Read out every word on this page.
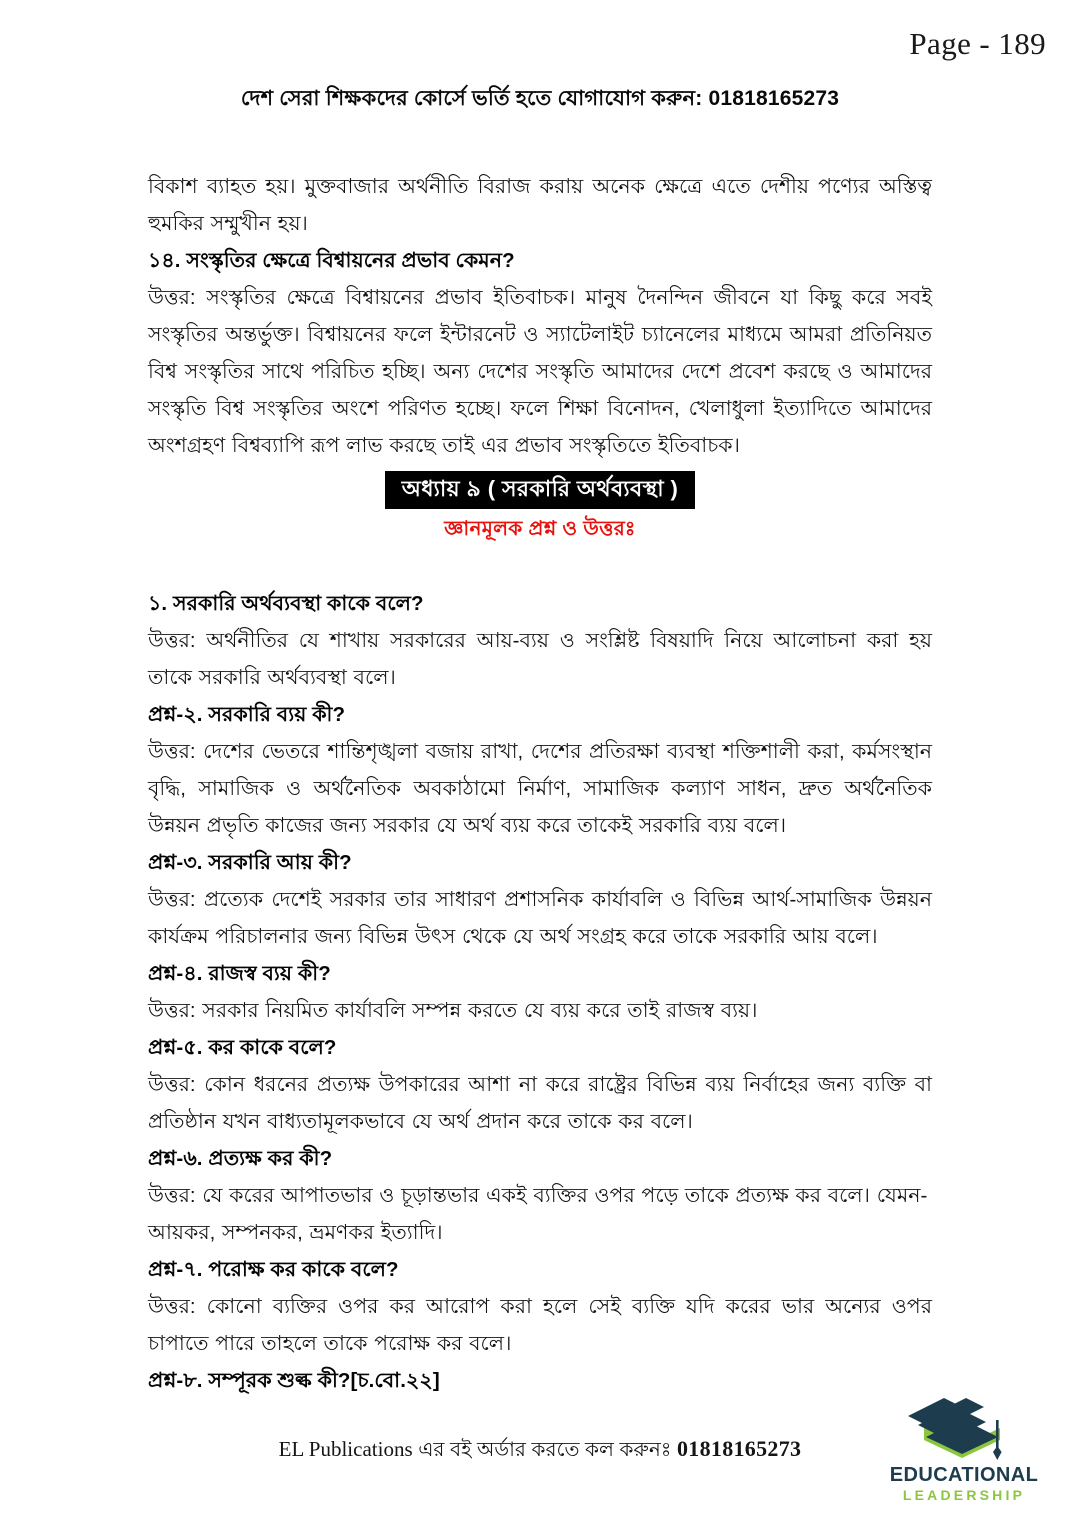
Page - 189
দেশ সেরা শিক্ষকদের কোর্সে ভর্তি হতে যোগাযোগ করুন: 01818165273

বিকাশ ব্যাহত হয়। মুক্তবাজার অর্থনীতি বিরাজ করায় অনেক ক্ষেত্রে এতে দেশীয় পণ্যের অস্তিত্ব হুমকির সম্মুখীন হয়।

১৪. সংস্কৃতির ক্ষেত্রে বিশ্বায়নের প্রভাব কেমন?

উত্তর: সংস্কৃতির ক্ষেত্রে বিশ্বায়নের প্রভাব ইতিবাচক। মানুষ দৈনন্দিন জীবনে যা কিছু করে সবই সংস্কৃতির অন্তর্ভুক্ত। বিশ্বায়নের ফলে ইন্টারনেট ও স্যাটেলাইট চ্যানেলের মাধ্যমে আমরা প্রতিনিয়ত বিশ্ব সংস্কৃতির সাথে পরিচিত হচ্ছি। অন্য দেশের সংস্কৃতি আমাদের দেশে প্রবেশ করছে ও আমাদের সংস্কৃতি বিশ্ব সংস্কৃতির অংশে পরিণত হচ্ছে। ফলে শিক্ষা বিনোদন, খেলাধুলা ইত্যাদিতে আমাদের অংশগ্রহণ বিশ্বব্যাপি রূপ লাভ করছে তাই এর প্রভাব সংস্কৃতিতে ইতিবাচক।

অধ্যায় ৯ ( সরকারি অর্থব্যবস্থা )
জ্ঞানমূলক প্রশ্ন ও উত্তরঃ

১. সরকারি অর্থব্যবস্থা কাকে বলে?

উত্তর: অর্থনীতির যে শাখায় সরকারের আয়-ব্যয় ও সংশ্লিষ্ট বিষয়াদি নিয়ে আলোচনা করা হয় তাকে সরকারি অর্থব্যবস্থা বলে।

প্রশ্ন-২. সরকারি ব্যয় কী?

উত্তর: দেশের ভেতরে শান্তিশৃঙ্খলা বজায় রাখা, দেশের প্রতিরক্ষা ব্যবস্থা শক্তিশালী করা, কর্মসংস্থান বৃদ্ধি, সামাজিক ও অর্থনৈতিক অবকাঠামো নির্মাণ, সামাজিক কল্যাণ সাধন, দ্রুত অর্থনৈতিক উন্নয়ন প্রভৃতি কাজের জন্য সরকার যে অর্থ ব্যয় করে তাকেই সরকারি ব্যয় বলে।

প্রশ্ন-৩. সরকারি আয় কী?

উত্তর: প্রত্যেক দেশেই সরকার তার সাধারণ প্রশাসনিক কার্যাবলি ও বিভিন্ন আর্থ-সামাজিক উন্নয়ন কার্যক্রম পরিচালনার জন্য বিভিন্ন উৎস থেকে যে অর্থ সংগ্রহ করে তাকে সরকারি আয় বলে।

প্রশ্ন-৪. রাজস্ব ব্যয় কী?

উত্তর: সরকার নিয়মিত কার্যাবলি সম্পন্ন করতে যে ব্যয় করে তাই রাজস্ব ব্যয়।

প্রশ্ন-৫. কর কাকে বলে?

উত্তর: কোন ধরনের প্রত্যক্ষ উপকারের আশা না করে রাষ্ট্রের বিভিন্ন ব্যয় নির্বাহের জন্য ব্যক্তি বা প্রতিষ্ঠান যখন বাধ্যতামূলকভাবে যে অর্থ প্রদান করে তাকে কর বলে।

প্রশ্ন-৬. প্রত্যক্ষ কর কী?

উত্তর: যে করের আপাতভার ও চূড়ান্তভার একই ব্যক্তির ওপর পড়ে তাকে প্রত্যক্ষ কর বলে। যেমন- আয়কর, সম্পনকর, ভ্রমণকর ইত্যাদি।

প্রশ্ন-৭. পরোক্ষ কর কাকে বলে?

উত্তর: কোনো ব্যক্তির ওপর কর আরোপ করা হলে সেই ব্যক্তি যদি করের ভার অন্যের ওপর চাপাতে পারে তাহলে তাকে পরোক্ষ কর বলে।

প্রশ্ন-৮. সম্পূরক শুল্ক কী?[চ.বো.২২]

EL Publications এর বই অর্ডার করতে কল করুনঃ 01818165273
EDUCATIONAL
LEADERSHIP
